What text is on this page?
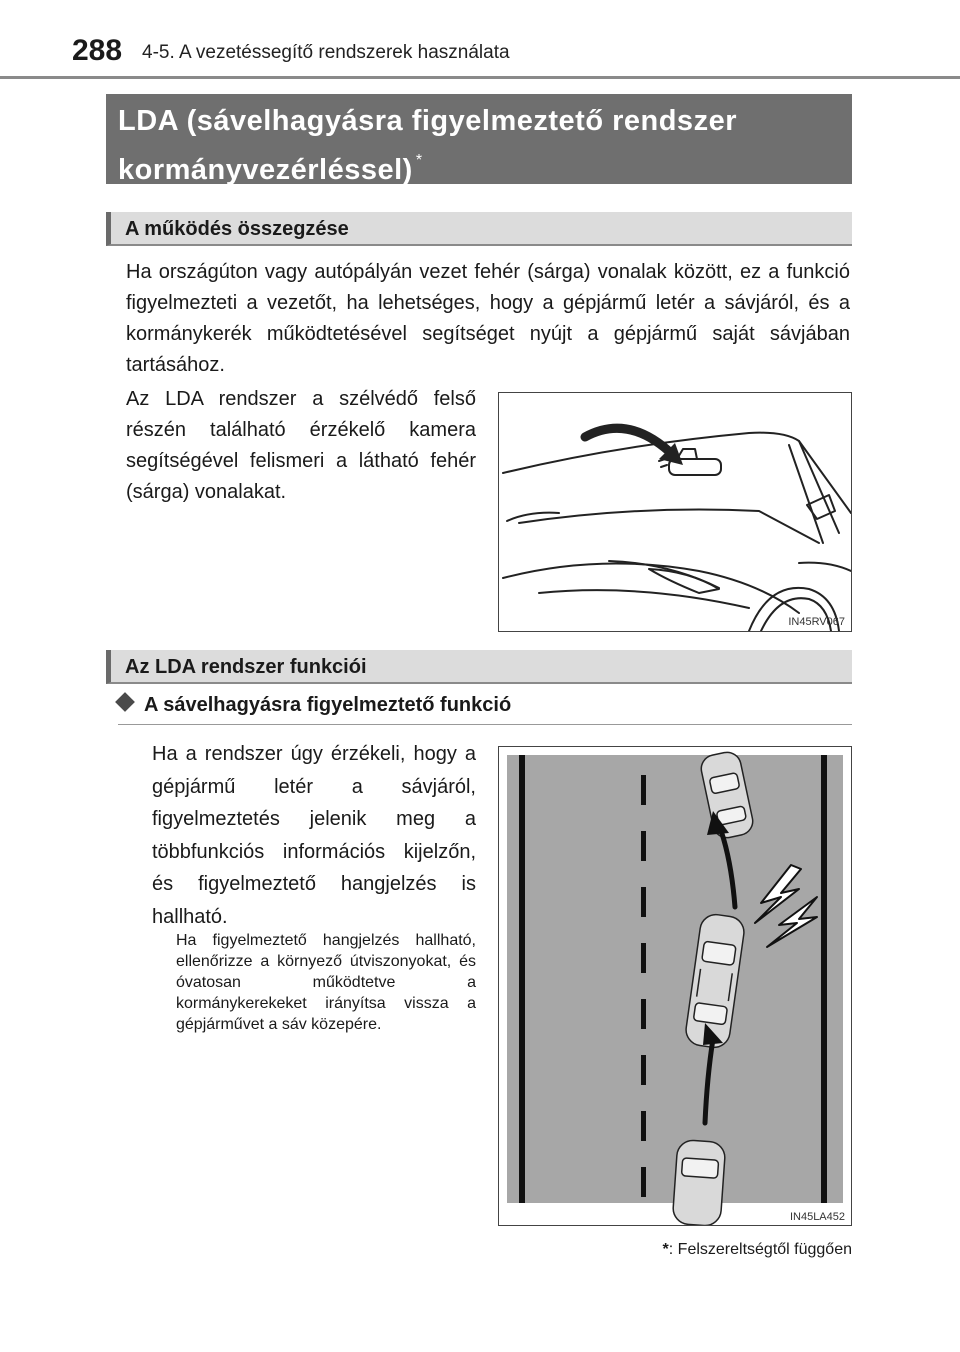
288 4-5. A vezetéssegítő rendszerek használata
LDA (sávelhagyásra figyelmeztető rendszer
kormányvezérléssel) *
A működés összegzése

Ha országúton vagy autópályán vezet fehér (sárga) vonalak között, ez a funkció figyelmezteti a vezetőt, ha lehetséges, hogy a gépjármű letér a sávjáról, és a kormánykerék működtetésével segítséget nyújt a gépjármű saját sávjában tartásához.

Az LDA rendszer a szélvédő felső részén található érzékelő kamera segítségével felismeri a látható fehér (sárga) vonalakat.

IN45RV067
Az LDA rendszer funkciói
A sávelhagyásra figyelmeztető funkció

Ha a rendszer úgy érzékeli, hogy a gépjármű letér a sávjáról, figyelmeztetés jelenik meg a többfunkciós információs kijelzőn, és figyelmeztető hangjelzés is hallható.

Ha figyelmeztető hangjelzés hallható, ellenőrizze a környező útviszonyokat, és óvatosan működtetve a kormánykerekeket irányítsa vissza a gépjárművet a sáv közepére.

IN45LA452
*: Felszereltségtől függően
